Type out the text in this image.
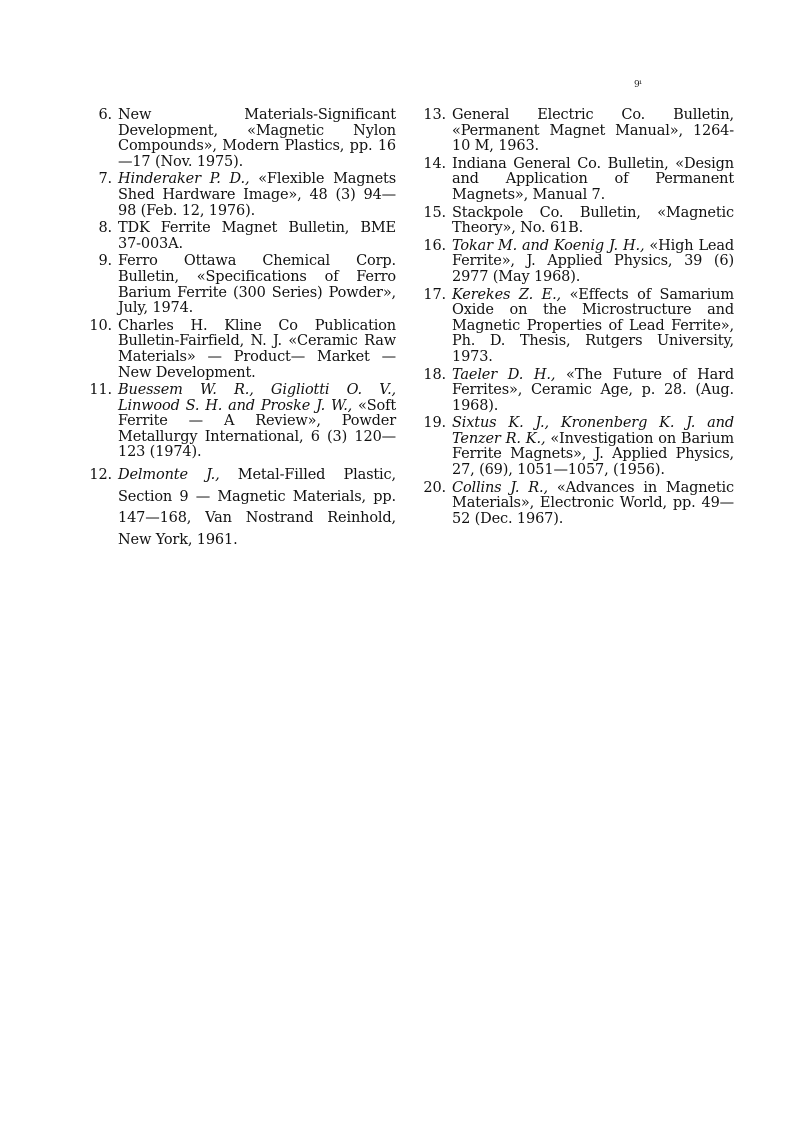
9¹
6. New Materials-Significant Development, «Magnetic Nylon Compounds», Modern Plastics, pp. 16—17 (Nov. 1975).
7. Hinderaker P. D., «Flexible Magnets Shed Hardware Image», 48 (3) 94—98 (Feb. 12, 1976).
8. TDK Ferrite Magnet Bulletin, BME 37-003A.
9. Ferro Ottawa Chemical Corp. Bulletin, «Specifications of Ferro Barium Ferrite (300 Series) Powder», July, 1974.
10. Charles H. Kline Co Publication Bulletin-Fairfield, N. J. «Ceramic Raw Materials» — Product— Market — New Development.
11. Buessem W. R., Gigliotti O. V., Linwood S. H. and Proske J. W., «Soft Ferrite — A Review», Powder Metallurgy International, 6 (3) 120—123 (1974).
12. Delmonte J., Metal-Filled Plastic, Section 9 — Magnetic Materials, pp. 147—168, Van Nostrand Reinhold, New York, 1961.
13. General Electric Co. Bulletin, «Permanent Magnet Manual», 1264-10 M, 1963.
14. Indiana General Co. Bulletin, «Design and Application of Permanent Magnets», Manual 7.
15. Stackpole Co. Bulletin, «Magnetic Theory», No. 61B.
16. Tokar M. and Koenig J. H., «High Lead Ferrite», J. Applied Physics, 39 (6) 2977 (May 1968).
17. Kerekes Z. E., «Effects of Samarium Oxide on the Microstructure and Magnetic Properties of Lead Ferrite», Ph. D. Thesis, Rutgers University, 1973.
18. Taeler D. H., «The Future of Hard Ferrites», Ceramic Age, p. 28. (Aug. 1968).
19. Sixtus K. J., Kronenberg K. J. and Tenzer R. K., «Investigation on Barium Ferrite Magnets», J. Applied Physics, 27, (69), 1051—1057, (1956).
20. Collins J. R., «Advances in Magnetic Materials», Electronic World, pp. 49—52 (Dec. 1967).
